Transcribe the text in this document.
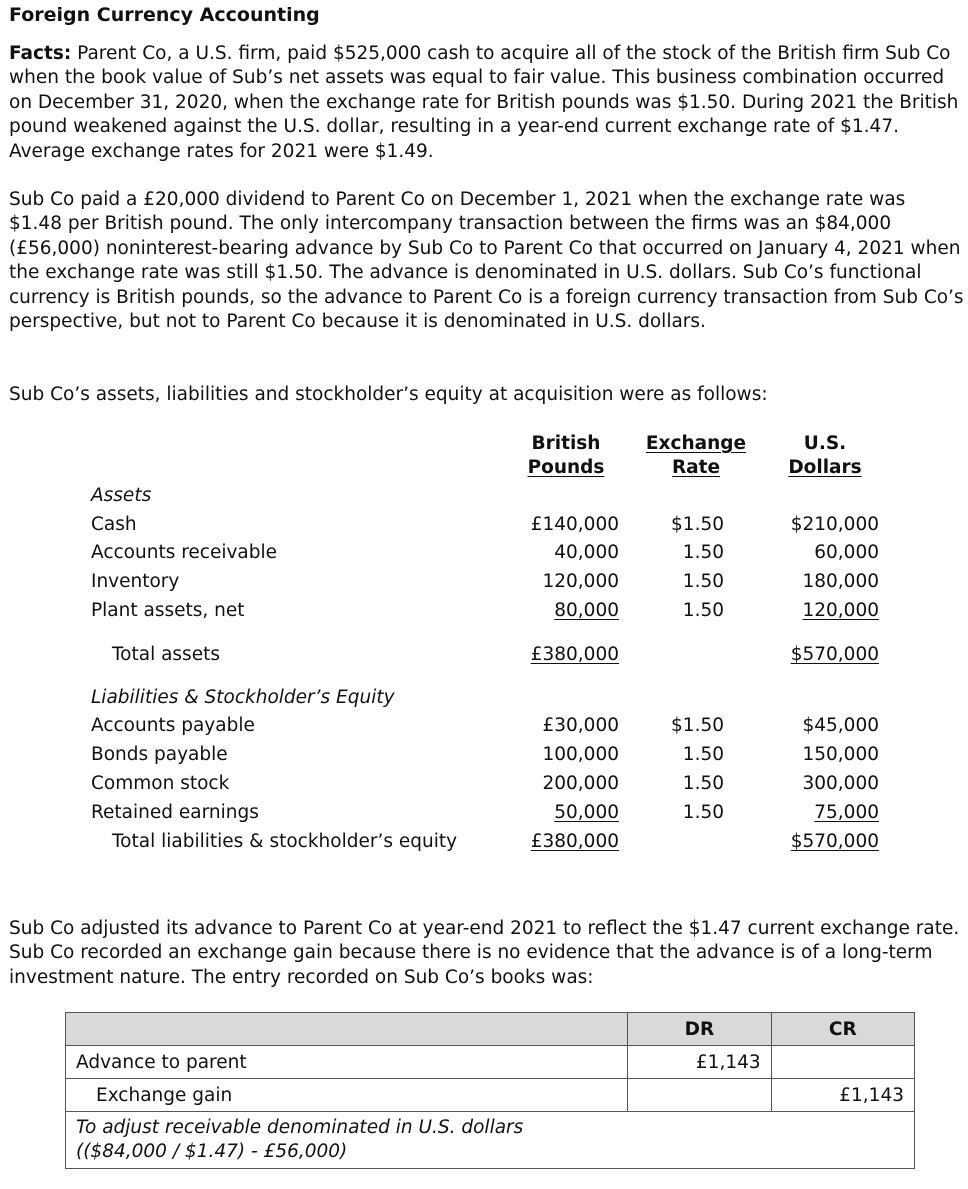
Foreign Currency Accounting
Facts: Parent Co, a U.S. firm, paid $525,000 cash to acquire all of the stock of the British firm Sub Co when the book value of Sub’s net assets was equal to fair value. This business combination occurred on December 31, 2020, when the exchange rate for British pounds was $1.50. During 2021 the British pound weakened against the U.S. dollar, resulting in a year-end current exchange rate of $1.47. Average exchange rates for 2021 were $1.49.
Sub Co paid a £20,000 dividend to Parent Co on December 1, 2021 when the exchange rate was $1.48 per British pound. The only intercompany transaction between the firms was an $84,000 (£56,000) noninterest-bearing advance by Sub Co to Parent Co that occurred on January 4, 2021 when the exchange rate was still $1.50. The advance is denominated in U.S. dollars. Sub Co’s functional currency is British pounds, so the advance to Parent Co is a foreign currency transaction from Sub Co’s perspective, but not to Parent Co because it is denominated in U.S. dollars.
Sub Co’s assets, liabilities and stockholder’s equity at acquisition were as follows:
British
Pounds
Exchange
Rate
U.S.
Dollars
Assets
Cash	£140,000	$1.50	$210,000
Accounts receivable	40,000	1.50	60,000
Inventory	120,000	1.50	180,000
Plant assets, net	80,000	1.50	120,000
Total assets	£380,000	$570,000
Liabilities & Stockholder’s Equity
Accounts payable	£30,000	$1.50	$45,000
Bonds payable	100,000	1.50	150,000
Common stock	200,000	1.50	300,000
Retained earnings	50,000	1.50	75,000
Total liabilities & stockholder’s equity	£380,000	$570,000
Sub Co adjusted its advance to Parent Co at year-end 2021 to reflect the $1.47 current exchange rate. Sub Co recorded an exchange gain because there is no evidence that the advance is of a long-term investment nature. The entry recorded on Sub Co’s books was:
	DR	CR
Advance to parent	£1,143	
Exchange gain		£1,143

To adjust receivable denominated in U.S. dollars
(($84,000 / $1.47) - £56,000)		
